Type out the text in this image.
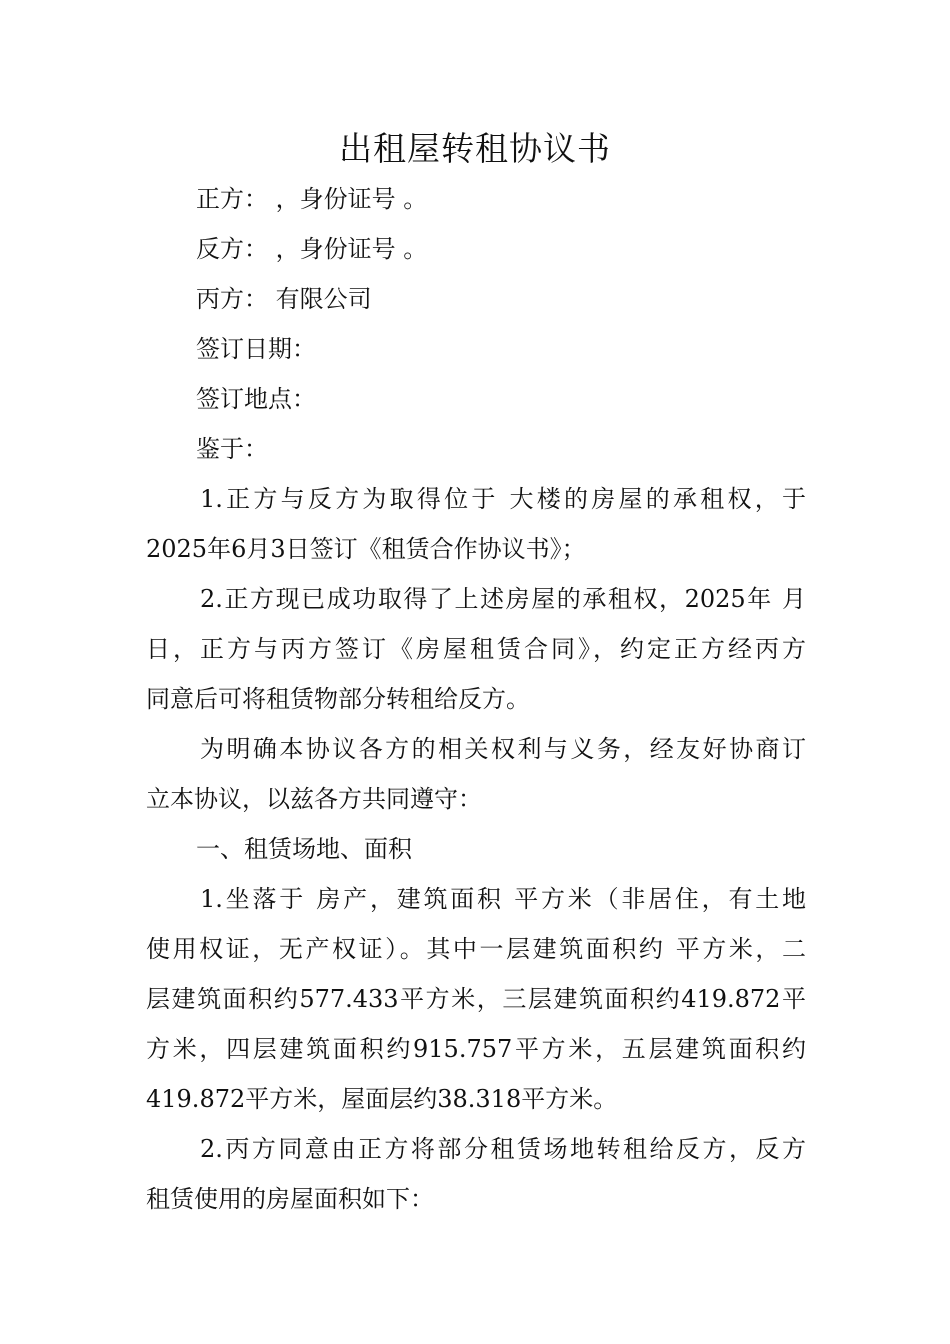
出租屋转租协议书
正方： ，身份证号 。
反方： ，身份证号 。
丙方： 有限公司
签订日期：
签订地点：
鉴于：
1.正方与反方为取得位于 大楼的房屋的承租权，于
2025年6月3日签订《租赁合作协议书》；
2.正方现已成功取得了上述房屋的承租权，2025年 月
日，正方与丙方签订《房屋租赁合同》，约定正方经丙方
同意后可将租赁物部分转租给反方。
为明确本协议各方的相关权利与义务，经友好协商订
立本协议，以兹各方共同遵守：
一、租赁场地、面积
1.坐落于 房产，建筑面积 平方米（非居住，有土地
使用权证，无产权证）。其中一层建筑面积约 平方米，二
层建筑面积约577.433平方米，三层建筑面积约419.872平
方米，四层建筑面积约915.757平方米，五层建筑面积约
419.872平方米，屋面层约38.318平方米。
2.丙方同意由正方将部分租赁场地转租给反方，反方
租赁使用的房屋面积如下：
